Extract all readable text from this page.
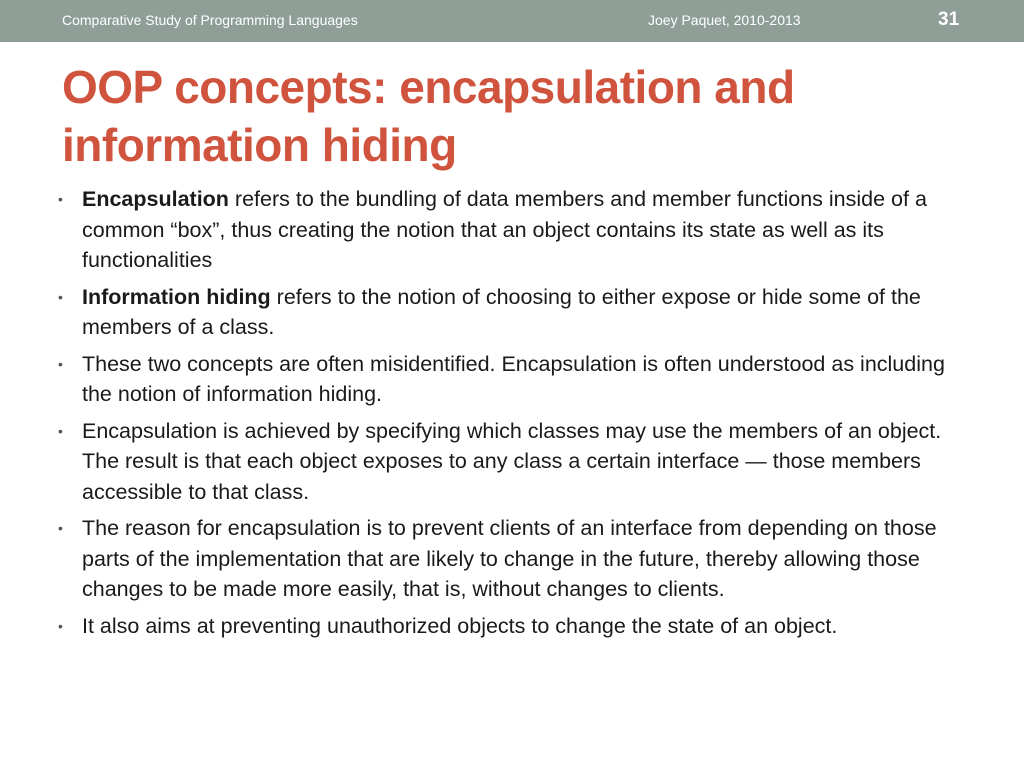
Comparative Study of Programming Languages	Joey Paquet, 2010-2013	31
OOP concepts: encapsulation and information hiding
• Encapsulation refers to the bundling of data members and member functions inside of a common “box”, thus creating the notion that an object contains its state as well as its functionalities
• Information hiding refers to the notion of choosing to either expose or hide some of the members of a class.
• These two concepts are often misidentified. Encapsulation is often understood as including the notion of information hiding.
• Encapsulation is achieved by specifying which classes may use the members of an object. The result is that each object exposes to any class a certain interface — those members accessible to that class.
• The reason for encapsulation is to prevent clients of an interface from depending on those parts of the implementation that are likely to change in the future, thereby allowing those changes to be made more easily, that is, without changes to clients.
• It also aims at preventing unauthorized objects to change the state of an object.
